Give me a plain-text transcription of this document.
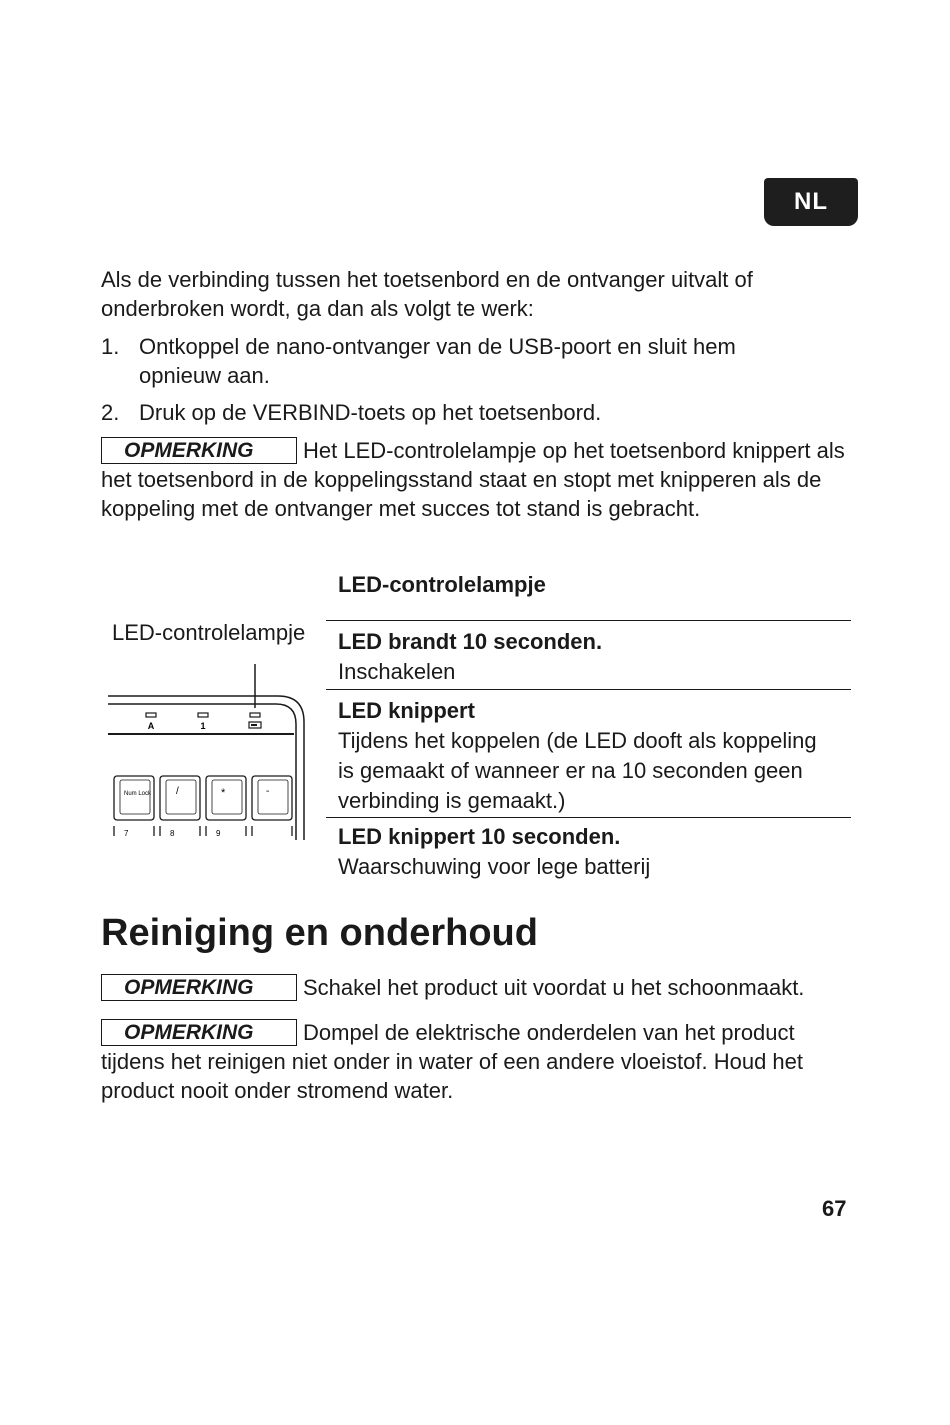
NL
Als de verbinding tussen het toetsenbord en de ontvanger uitvalt of onderbroken wordt, ga dan als volgt te werk:
1. Ontkoppel de nano-ontvanger van de USB-poort en sluit hem opnieuw aan.
2. Druk op de VERBIND-toets op het toetsenbord.
OPMERKING Het LED-controlelampje op het toetsenbord knippert als het toetsenbord in de koppelingsstand staat en stopt met knipperen als de koppeling met de ontvanger met succes tot stand is gebracht.
LED-controlelampje
LED-controlelampje
A	1
Num Lock /	*	-
7	8	9
LED brandt 10 seconden.
Inschakelen
LED knippert
Tijdens het koppelen (de LED dooft als koppeling is gemaakt of wanneer er na 10 seconden geen verbinding is gemaakt.)
LED knippert 10 seconden.
Waarschuwing voor lege batterij
Reiniging en onderhoud
OPMERKING Schakel het product uit voordat u het schoonmaakt.
OPMERKING Dompel de elektrische onderdelen van het product tijdens het reinigen niet onder in water of een andere vloeistof. Houd het product nooit onder stromend water.
67
